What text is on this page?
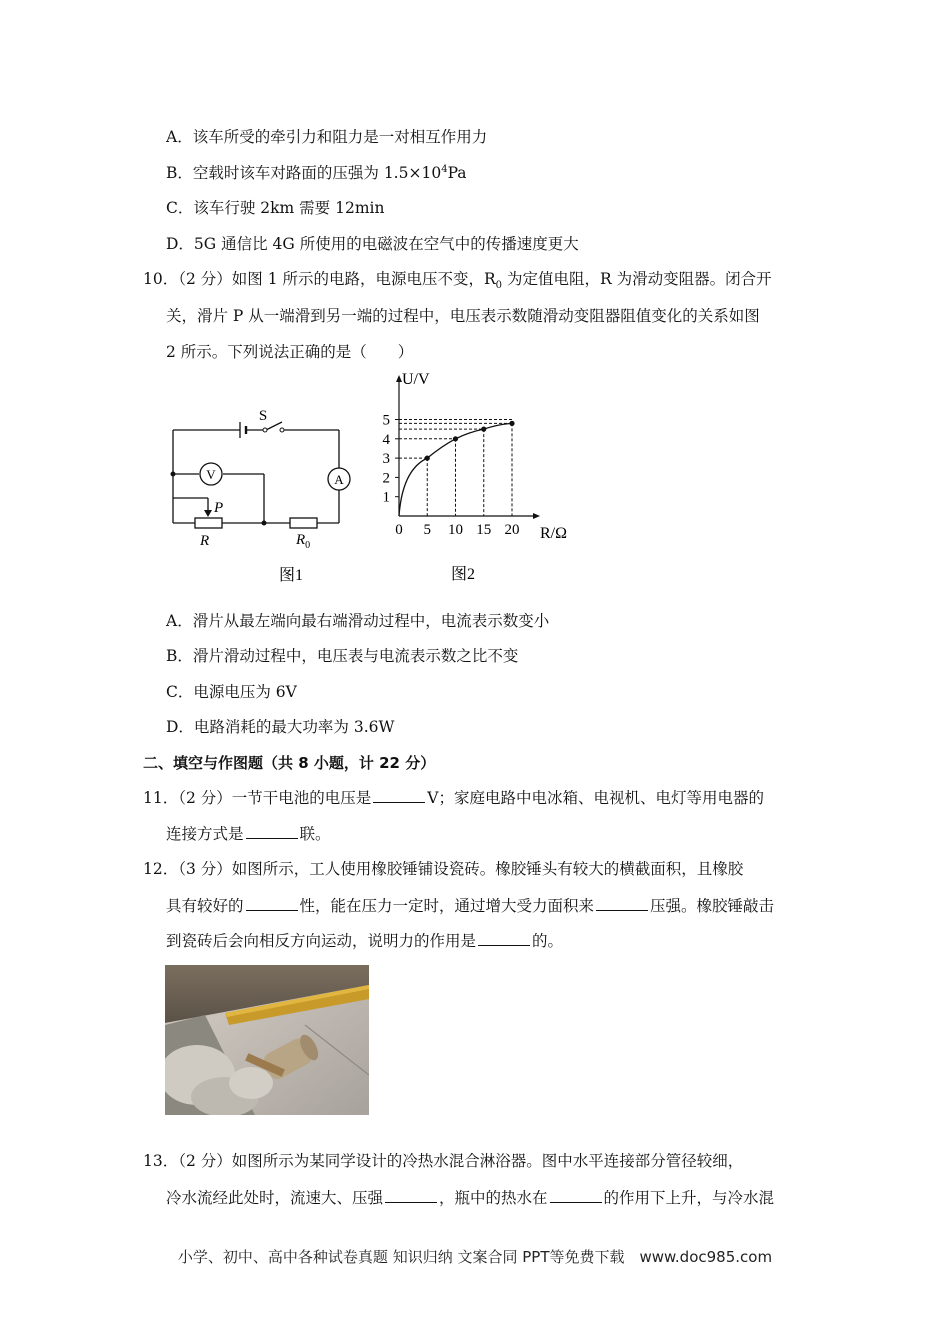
A．该车所受的牵引力和阻力是一对相互作用力
B．空载时该车对路面的压强为 $1.5\times 10^4Pa$
C．该车行驶 2km 需要 12min
D．5G 通信比 4G 所使用的电磁波在空气中的传播速度更大
10．（2 分）如图 1 所示的电路，电源电压不变，$R_0$ 为定值电阻，R 为滑动变阻器。闭合开
关，滑片 P 从一端滑到另一端的过程中，电压表示数随滑动变阻器阻值变化的关系如图
2 所示。下列说法正确的是（　　）
S
V	A
P
R	$R_0$
图1
5 10 15 20
1
2
3
4
5
U/V
R/Ω
0
图2
A．滑片从最左端向最右端滑动过程中，电流表示数变小
B．滑片滑动过程中，电压表与电流表示数之比不变
C．电源电压为 6V
D．电路消耗的最大功率为 3.6W
二、填空与作图题（共 8 小题，计 22 分）
11．（2 分）一节干电池的电压是	V；家庭电路中电冰箱、电视机、电灯等用电器的
连接方式是	联。
12．（3 分）如图所示，工人使用橡胶锤铺设瓷砖。橡胶锤头有较大的横截面积，且橡胶
具有较好的	性，能在压力一定时，通过增大受力面积来	压强。橡胶锤敲击
到瓷砖后会向相反方向运动，说明力的作用是	的。
13．（2 分）如图所示为某同学设计的冷热水混合淋浴器。图中水平连接部分管径较细，
冷水流经此处时，流速大、压强	，瓶中的热水在	的作用下上升，与冷水混
小学、初中、高中各种试卷真题 知识归纳 文案合同 PPT等免费下载　www.doc985.com
